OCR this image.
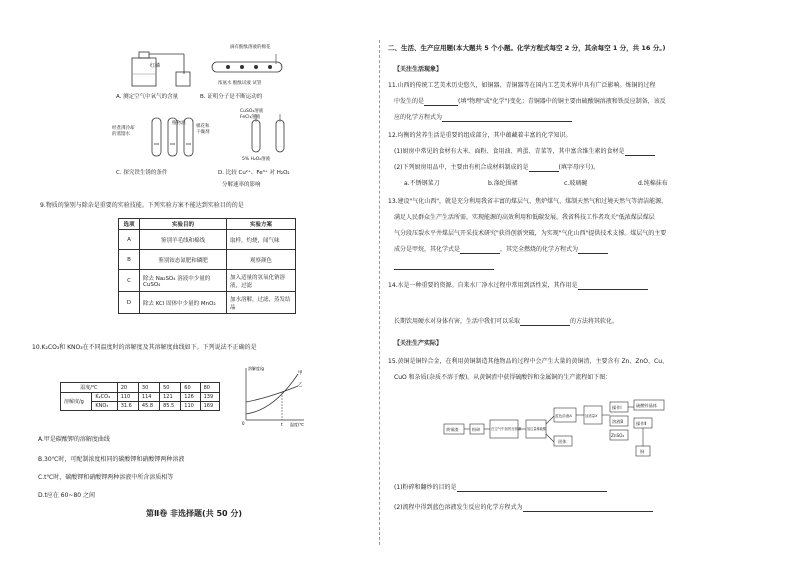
红磷
A. 测定空气中氧气的含量
滴有酚酞溶液的棉花
浓氨水 酚酞试液 试管
B. 证明分子是不断运动的
经煮沸冷却的蒸馏水
植物油
棉花和干燥剂
C. 探究铁生锈的条件
CuSO₄溶液
FeCl₃溶液
5% H₂O₂溶液
D. 比较 Cu²⁺、Fe³⁺ 对 H₂O₂
分解速率的影响
9.物质的鉴别与除杂是重要的实验技能。下列实验方案不能达到实验目的的是
选项	实验目的	实验方案
A	鉴别羊毛线和棉线	取样，灼烧，闻气味
B	鉴别铵态氮肥和磷肥	观察颜色
C	除去 Na₂SO₄ 溶液中少量的 CuSO₄	加入适量的氢氧化钠溶液，过滤
D	除去 KCl 固体中少量的 MnO₂	加水溶解，过滤，蒸发结晶
10.K₂CO₃和 KNO₃在不同温度时的溶解度及其溶解度曲线如下。下列说法不正确的是
温度/℃		20	30	50	60	80
溶解度/g	K₂CO₃	110	114	121	126	139
	KNO₃	31.6	45.8	85.5	110	169
溶解度/g
温度/℃
甲
乙
t
0
A.甲是碳酸钾的溶解度曲线
B.30℃时，可配制浓度相同的碳酸钾和硝酸钾两种溶液
C.t℃时，碳酸钾和硝酸钾两种溶液中所含溶质相等
D.t应在 60~80 之间
第Ⅱ卷 非选择题(共 50 分)
二、生活、生产应用题(本大题共 5 个小题。化学方程式每空 2 分，其余每空 1 分，共 16 分。)
【关注生活现象】
11.山西的传统工艺美术历史悠久，如铜器、青铜器等在国内工艺美术界中具有广泛影响。炼铜的过程
中发生的是	(填"物理"或"化学")变化；青铜器中的铜主要由硫酸铜溶液和铁反应制备，该反
应的化学方程式为
12.均衡的营养生活是重要的组成部分，其中蕴藏着丰富的化学知识。
(1)厨房中常见的食材有大米、面粉、食用油、鸡蛋、青菜等，其中富含维生素的食材是
(2)下列厨房用品中，主要由有机合成材料制成的是	(填字母序号)。
a.不锈钢菜刀	b.涤纶围裙	c.玻璃碗	d.纯棉抹布
13.建设"气化山西"，就是充分利用我省丰富的煤层气、焦炉煤气、煤制天然气和过境天然气等清洁能源，
满足人民群众生产生活所需，实现能源的高效利用和低碳发展。我省科技工作者攻关"低浓煤层煤层
气分段压裂水平井煤层气开采技术研究"获得创新突破，为实现"气化山西"提供技术支撑。煤层气的主要
成分是甲烷，其化学式是	，其完全燃烧的化学方程式为
14.水是一种重要的资源。自来水厂净水过程中常用到活性炭，其作用是
长期饮用硬水对身体有害，生活中我们可以采取	的方法将其软化。
【关注生产实际】
15.黄铜是铜锌合金，在利用黄铜制造其他物品的过程中会产生大量的黄铜渣，主要含有 Zn、ZnO、Cu、
CuO 和杂质(杂质不溶于酸)。从黄铜渣中获得硫酸锌和金属铜的生产流程如下图：
黄铜渣	粉碎	在空气中加热至恒重 加过量稀硫酸
蓝色溶液A
固体
加适量X
操作Ⅰ
溶液B
ZnSO₄
硫酸锌晶体
操作Ⅱ
铜
(1)粉碎和翻炒的目的是
(2)流程中得到蓝色溶液发生反应的化学方程式为
